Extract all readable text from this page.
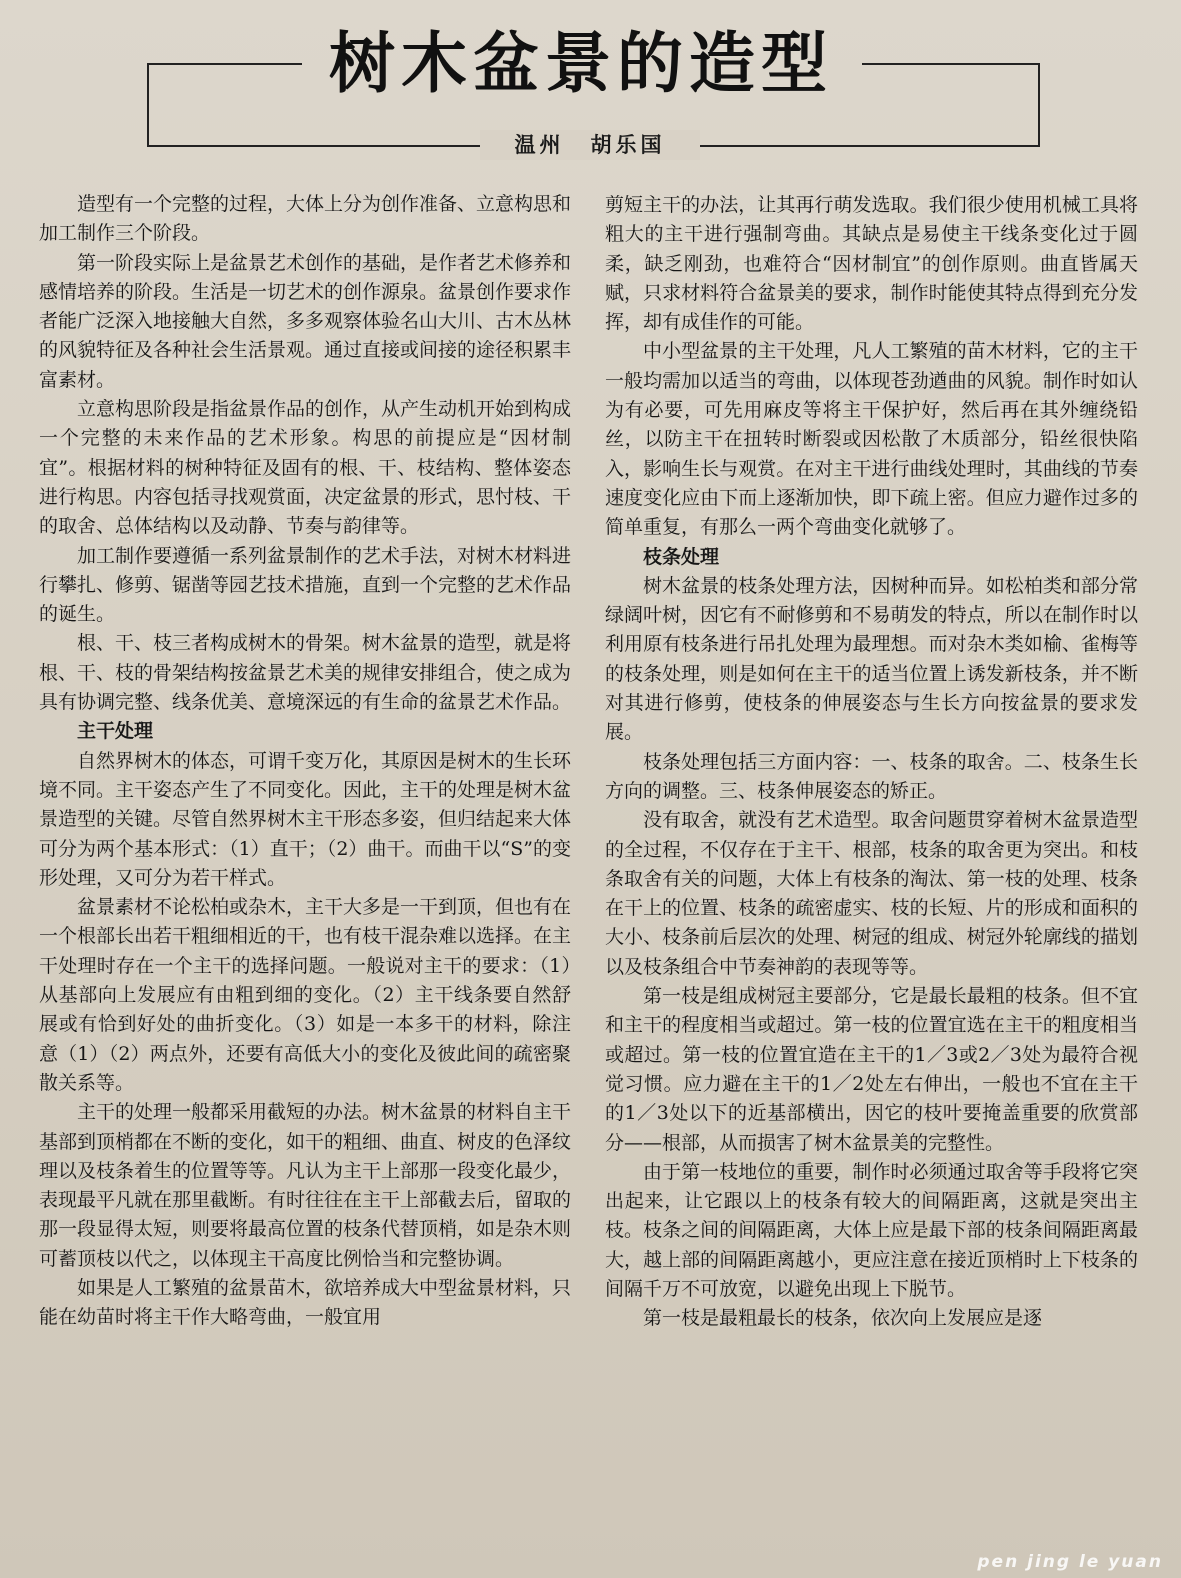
树木盆景的造型
温州 胡乐国

造型有一个完整的过程，大体上分为创作准备、立意构思和加工制作三个阶段。

第一阶段实际上是盆景艺术创作的基础，是作者艺术修养和感情培养的阶段。生活是一切艺术的创作源泉。盆景创作要求作者能广泛深入地接触大自然，多多观察体验名山大川、古木丛林的风貌特征及各种社会生活景观。通过直接或间接的途径积累丰富素材。

立意构思阶段是指盆景作品的创作，从产生动机开始到构成一个完整的未来作品的艺术形象。构思的前提应是“因材制宜”。根据材料的树种特征及固有的根、干、枝结构、整体姿态进行构思。内容包括寻找观赏面，决定盆景的形式，思忖枝、干的取舍、总体结构以及动静、节奏与韵律等。

加工制作要遵循一系列盆景制作的艺术手法，对树木材料进行攀扎、修剪、锯凿等园艺技术措施，直到一个完整的艺术作品的诞生。

根、干、枝三者构成树木的骨架。树木盆景的造型，就是将根、干、枝的骨架结构按盆景艺术美的规律安排组合，使之成为具有协调完整、线条优美、意境深远的有生命的盆景艺术作品。

主干处理

自然界树木的体态，可谓千变万化，其原因是树木的生长环境不同。主干姿态产生了不同变化。因此，主干的处理是树木盆景造型的关键。尽管自然界树木主干形态多姿，但归结起来大体可分为两个基本形式：（1）直干；（2）曲干。而曲干以“S”的变形处理，又可分为若干样式。

盆景素材不论松柏或杂木，主干大多是一干到顶，但也有在一个根部长出若干粗细相近的干，也有枝干混杂难以选择。在主干处理时存在一个主干的选择问题。一般说对主干的要求：（1）从基部向上发展应有由粗到细的变化。（2）主干线条要自然舒展或有恰到好处的曲折变化。（3）如是一本多干的材料，除注意（1）（2）两点外，还要有高低大小的变化及彼此间的疏密聚散关系等。

主干的处理一般都采用截短的办法。树木盆景的材料自主干基部到顶梢都在不断的变化，如干的粗细、曲直、树皮的色泽纹理以及枝条着生的位置等等。凡认为主干上部那一段变化最少，表现最平凡就在那里截断。有时往往在主干上部截去后，留取的那一段显得太短，则要将最高位置的枝条代替顶梢，如是杂木则可蓄顶枝以代之，以体现主干高度比例恰当和完整协调。

如果是人工繁殖的盆景苗木，欲培养成大中型盆景材料，只能在幼苗时将主干作大略弯曲，一般宜用

剪短主干的办法，让其再行萌发选取。我们很少使用机械工具将粗大的主干进行强制弯曲。其缺点是易使主干线条变化过于圆柔，缺乏刚劲，也难符合“因材制宜”的创作原则。曲直皆属天赋，只求材料符合盆景美的要求，制作时能使其特点得到充分发挥，却有成佳作的可能。

中小型盆景的主干处理，凡人工繁殖的苗木材料，它的主干一般均需加以适当的弯曲，以体现苍劲遒曲的风貌。制作时如认为有必要，可先用麻皮等将主干保护好，然后再在其外缠绕铅丝，以防主干在扭转时断裂或因松散了木质部分，铅丝很快陷入，影响生长与观赏。在对主干进行曲线处理时，其曲线的节奏速度变化应由下而上逐渐加快，即下疏上密。但应力避作过多的简单重复，有那么一两个弯曲变化就够了。

枝条处理

树木盆景的枝条处理方法，因树种而异。如松柏类和部分常绿阔叶树，因它有不耐修剪和不易萌发的特点，所以在制作时以利用原有枝条进行吊扎处理为最理想。而对杂木类如榆、雀梅等的枝条处理，则是如何在主干的适当位置上诱发新枝条，并不断对其进行修剪，使枝条的伸展姿态与生长方向按盆景的要求发展。

枝条处理包括三方面内容：一、枝条的取舍。二、枝条生长方向的调整。三、枝条伸展姿态的矫正。

没有取舍，就没有艺术造型。取舍问题贯穿着树木盆景造型的全过程，不仅存在于主干、根部，枝条的取舍更为突出。和枝条取舍有关的问题，大体上有枝条的淘汰、第一枝的处理、枝条在干上的位置、枝条的疏密虚实、枝的长短、片的形成和面积的大小、枝条前后层次的处理、树冠的组成、树冠外轮廓线的描划以及枝条组合中节奏神韵的表现等等。

第一枝是组成树冠主要部分，它是最长最粗的枝条。但不宜和主干的程度相当或超过。第一枝的位置宜选在主干的粗度相当或超过。第一枝的位置宜造在主干的1／3或2／3处为最符合视觉习惯。应力避在主干的1／2处左右伸出，一般也不宜在主干的1／3处以下的近基部横出，因它的枝叶要掩盖重要的欣赏部分——根部，从而损害了树木盆景美的完整性。

由于第一枝地位的重要，制作时必须通过取舍等手段将它突出起来，让它跟以上的枝条有较大的间隔距离，这就是突出主枝。枝条之间的间隔距离，大体上应是最下部的枝条间隔距离最大，越上部的间隔距离越小，更应注意在接近顶梢时上下枝条的间隔千万不可放宽，以避免出现上下脱节。

第一枝是最粗最长的枝条，依次向上发展应是逐

pen jing le yuan
